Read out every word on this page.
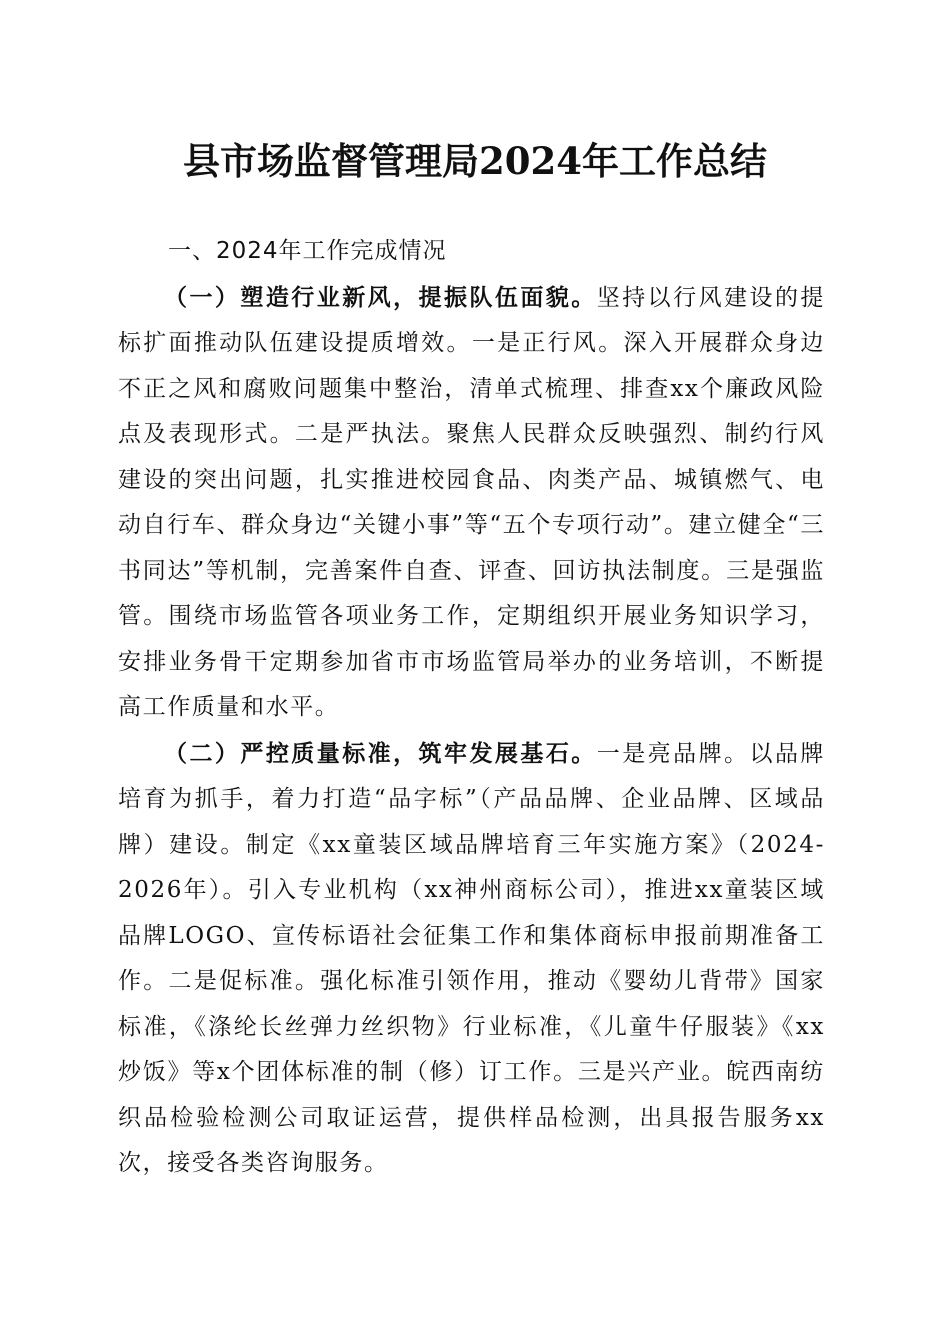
县市场监督管理局2024年工作总结
一、2024年工作完成情况

（一）塑造行业新风，提振队伍面貌。坚持以行风建设的提标扩面推动队伍建设提质增效。一是正行风。深入开展群众身边不正之风和腐败问题集中整治，清单式梳理、排查xx个廉政风险点及表现形式。二是严执法。聚焦人民群众反映强烈、制约行风建设的突出问题，扎实推进校园食品、肉类产品、城镇燃气、电动自行车、群众身边“关键小事”等“五个专项行动”。建立健全“三书同达”等机制，完善案件自查、评查、回访执法制度。三是强监管。围绕市场监管各项业务工作，定期组织开展业务知识学习，安排业务骨干定期参加省市市场监管局举办的业务培训，不断提高工作质量和水平。

（二）严控质量标准，筑牢发展基石。一是亮品牌。以品牌培育为抓手，着力打造“品字标”（产品品牌、企业品牌、区域品牌）建设。制定《xx童装区域品牌培育三年实施方案》（2024-2026年）。引入专业机构（xx神州商标公司），推进xx童装区域品牌LOGO、宣传标语社会征集工作和集体商标申报前期准备工作。二是促标准。强化标准引领作用，推动《婴幼儿背带》国家标准，《涤纶长丝弹力丝织物》行业标准，《儿童牛仔服装》《xx炒饭》等x个团体标准的制（修）订工作。三是兴产业。皖西南纺织品检验检测公司取证运营，提供样品检测，出具报告服务xx次，接受各类咨询服务。
